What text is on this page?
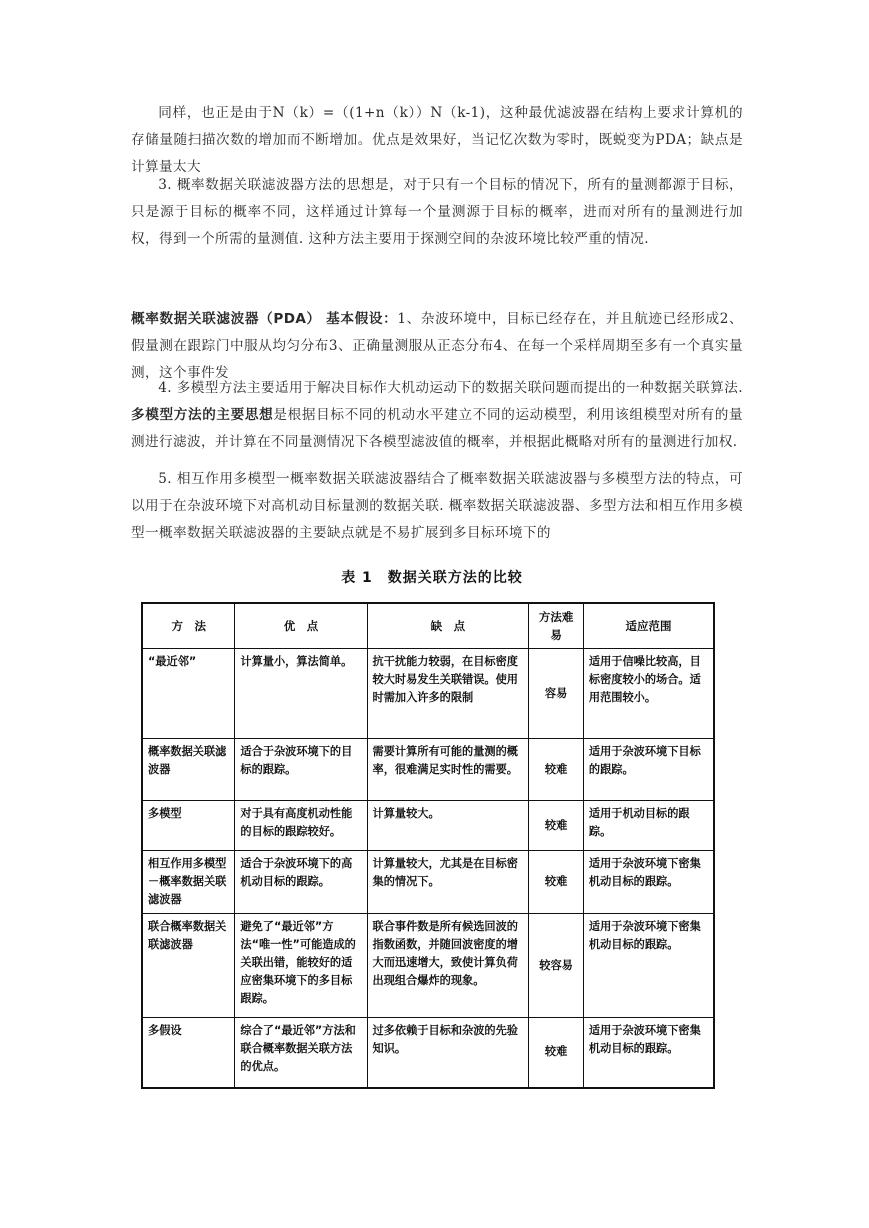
同样，也正是由于N（k）=（(1+n（k））N（k-1)，这种最优滤波器在结构上要求计算机的存储量随扫描次数的增加而不断增加。优点是效果好，当记忆次数为零时，既蜕变为PDA；缺点是计算量太大

3. 概率数据关联滤波器方法的思想是，对于只有一个目标的情况下，所有的量测都源于目标，只是源于目标的概率不同，这样通过计算每一个量测源于目标的概率，进而对所有的量测进行加权，得到一个所需的量测值. 这种方法主要用于探测空间的杂波环境比较严重的情况.

概率数据关联滤波器（PDA） 基本假设：1、杂波环境中，目标已经存在，并且航迹已经形成2、假量测在跟踪门中服从均匀分布3、正确量测服从正态分布4、在每一个采样周期至多有一个真实量测，这个事件发

4. 多模型方法主要适用于解决目标作大机动运动下的数据关联问题而提出的一种数据关联算法.多模型方法的主要思想是根据目标不同的机动水平建立不同的运动模型，利用该组模型对所有的量测进行滤波，并计算在不同量测情况下各模型滤波值的概率，并根据此概略对所有的量测进行加权.

5. 相互作用多模型一概率数据关联滤波器结合了概率数据关联滤波器与多模型方法的特点，可以用于在杂波环境下对高机动目标量测的数据关联. 概率数据关联滤波器、多型方法和相互作用多模型一概率数据关联滤波器的主要缺点就是不易扩展到多目标环境下的

表 1　数据关联方法的比较
方　法	优　点	缺　点	方法难易	适应范围
“最近邻”	计算量小，算法简单。	抗干扰能力较弱，在目标密度较大时易发生关联错误。使用时需加入许多的限制	容易	适用于信噪比较高，目标密度较小的场合。适用范围较小。
概率数据关联滤波器	适合于杂波环境下的目标的跟踪。	需要计算所有可能的量测的概率，很难满足实时性的需要。	较难	适用于杂波环境下目标的跟踪。
多模型	对于具有高度机动性能的目标的跟踪较好。	计算量较大。	较难	适用于机动目标的跟踪。
相互作用多模型－概率数据关联滤波器	适合于杂波环境下的高机动目标的跟踪。	计算量较大，尤其是在目标密集的情况下。	较难	适用于杂波环境下密集机动目标的跟踪。
联合概率数据关联滤波器	避免了“最近邻”方法“唯一性”可能造成的关联出错，能较好的适应密集环境下的多目标跟踪。	联合事件数是所有候选回波的指数函数，并随回波密度的增大而迅速增大，致使计算负荷出现组合爆炸的现象。	较容易	适用于杂波环境下密集机动目标的跟踪。
多假设	综合了“最近邻”方法和联合概率数据关联方法的优点。	过多依赖于目标和杂波的先验知识。	较难	适用于杂波环境下密集机动目标的跟踪。
